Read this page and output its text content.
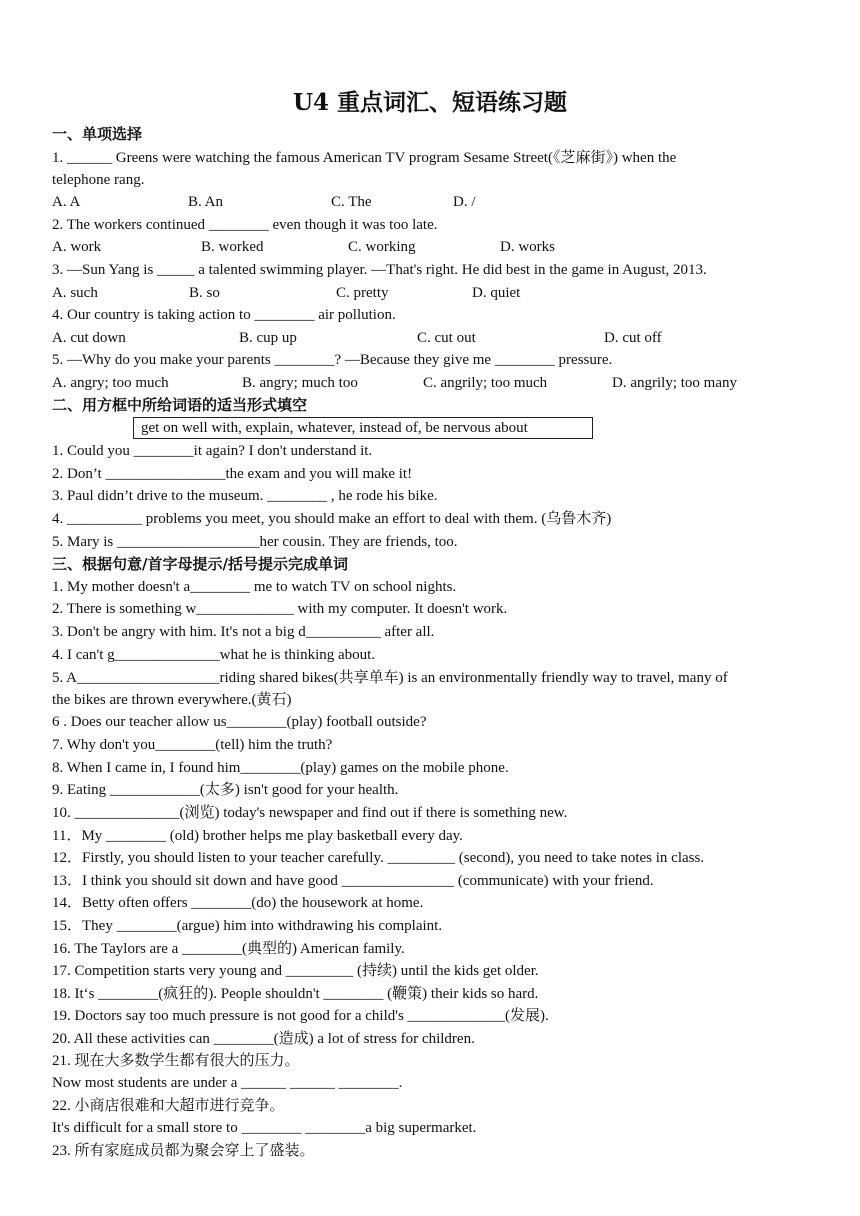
U4 重点词汇、短语练习题
一、单项选择
1. ______ Greens were watching the famous American TV program Sesame Street(《芝麻街》) when the
telephone rang.
A. A	B. An	C. The	D. /
2. The workers continued ________ even though it was too late.
A. work	B. worked	C. working	D. works
3. —Sun Yang is _____ a talented swimming player. —That's right. He did best in the game in August, 2013.
A. such	B. so	C. pretty	D. quiet
4. Our country is taking action to ________ air pollution.
A. cut down	B. cup up	C. cut out	D. cut off
5. —Why do you make your parents ________? —Because they give me ________ pressure.
A. angry; too much	B. angry; much too	C. angrily; too much	D. angrily; too many
二、用方框中所给词语的适当形式填空
get on well with, explain, whatever, instead of, be nervous about
1. Could you ________it again? I don't understand it.
2. Don’t ________________the exam and you will make it!
3. Paul didn’t drive to the museum. ________ , he rode his bike.
4. __________ problems you meet, you should make an effort to deal with them. (乌鲁木齐)
5. Mary is ___________________her cousin. They are friends, too.
三、根据句意/首字母提示/括号提示完成单词
1. My mother doesn't a________ me to watch TV on school nights.
2. There is something w_____________ with my computer. It doesn't work.
3. Don't be angry with him. It's not a big d__________ after all.
4. I can't g______________what he is thinking about.
5. A___________________riding shared bikes(共享单车) is an environmentally friendly way to travel, many of
the bikes are thrown everywhere.(黄石)
6 . Does our teacher allow us________(play) football outside?
7. Why don't you________(tell) him the truth?
8. When I came in, I found him________(play) games on the mobile phone.
9. Eating ____________(太多) isn't good for your health.
10. ______________(浏览) today's newspaper and find out if there is something new.
11．My ________ (old) brother helps me play basketball every day.
12．Firstly, you should listen to your teacher carefully. _________ (second), you need to take notes in class.
13．I think you should sit down and have good _______________ (communicate) with your friend.
14．Betty often offers ________(do) the housework at home.
15．They ________(argue) him into withdrawing his complaint.
16. The Taylors are a ________(典型的) American family.
17. Competition starts very young and _________ (持续) until the kids get older.
18. It‘s ________(疯狂的). People shouldn't ________ (鞭策) their kids so hard.
19. Doctors say too much pressure is not good for a child's _____________(发展).
20. All these activities can ________(造成) a lot of stress for children.
21. 现在大多数学生都有很大的压力。
Now most students are under a ______ ______ ________.
22. 小商店很难和大超市进行竞争。
It's difficult for a small store to ________ ________a big supermarket.
23. 所有家庭成员都为聚会穿上了盛装。
